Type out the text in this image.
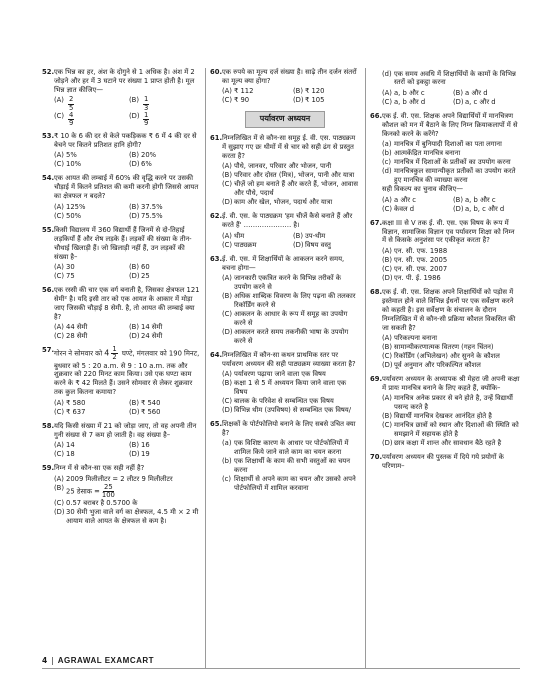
52. एक भिन्न का हर, अंश के दोगुने से 1 अधिक है। अंश में 2 जोड़ने और हर में 3 घटाने पर संख्या 1 प्राप्त होती है। मूल भिन्न ज्ञात कीजिए—
$(A) \frac{2}{5}$	$(B) \frac{1}{3}$
$(C) \frac{4}{9}$	$(D) \frac{1}{9}$
53. ₹ 10 के 6 की दर से केले पकड़िकक ₹ 6 में 4 की दर से बेचने पर कितने प्रतिशत हानि होगी?
(A) 5%	(B) 20%
(C) 10%	(D) 6%
54. एक आयत की लम्बाई में 60% की वृद्धि करने पर उसकी चौड़ाई में कितने प्रतिशत की कमी करनी होगी जिससे आयत का क्षेत्रफल न बदले?
(A) 125%	(B) 37.5%
(C) 50%	(D) 75.5%
55. किसी विद्यालय में 360 विद्यार्थी हैं जिनमें से दो-तिहाई लड़कियाँ हैं और शेष लड़के हैं। लड़कों की संख्या के तीन-चौथाई खिलाड़ी हैं। जो खिलाड़ी नहीं हैं, उन लड़कों की संख्या है–
(A) 30	(B) 60
(C) 75	(D) 25
56. एक रस्सी की चार एक वर्ग बनाती है, जिसका क्षेत्रफल 121 सेमी² है। यदि इसी तार को एक आयत के आकार में मोड़ा जाए जिसकी चौड़ाई 8 सेमी. है, तो आयत की लम्बाई क्या है?
(A) 44 सेमी	(B) 14 सेमी
(C) 28 सेमी	(D) 24 सेमी
57. गोरन ने सोमवार को $4 \frac{1}{2}$ घण्टे, मंगलवार को 190 मिनट, बुधवार को 5 : 20 a.m. से 9 : 10 a.m. तक और शुक्रवार को 220 मिनट काम किया। उसे एक घण्टा काम करने के ₹ 42 मिलते हैं। उसने सोमवार से लेकर शुक्रवार तक कुल कितना कमाया?
(A) ₹ 580	(B) ₹ 540
(C) ₹ 637	(D) ₹ 560
58. यदि किसी संख्या में 21 को जोड़ा जाए, तो वह अपनी तीन गुनी संख्या से 7 कम हो जाती है। वह संख्या है–
(A) 14	(B) 16
(C) 18	(D) 19
59. निम्न में से कौन-सा एक सही नहीं है?
(A) 2009 मिलीलीटर = 2 लीटर 9 मिलीलीटर
(B) 25 डेसाक = $\frac{25}{100}$
(C) 0.57 बराबर है 0.5700 के
(D) 30 सेमी भुजा वाले वर्ग का क्षेत्रफल, 4.5 मी × 2 मी आयाम वाले आयत के क्षेत्रफल से कम है।
60. एक रुपये का मूल्य दर्ज संख्या है। साढ़े तीन दर्जन संतरों का मूल्य क्या होगा?
(A) ₹ 112	(B) ₹ 120
(C) ₹ 90	(D) ₹ 105
पर्यावरण अध्ययन
61. निम्नलिखित में से कौन-सा समूह ई. वी. एस. पाठ्यक्रम में सुझाए गए छः थीमों में से चार को सही ढंग से प्रस्तुत करता है?
(A) पौधे, जानवर, परिवार और भोजन, पानी
(B) परिवार और दोस्त (मित्र), भोजन, पानी और यात्रा
(C) चीज़ें जो हम बनाते हैं और करते हैं, भोजन, आवास और पौधे, पदार्थ
(D) काम और खेल, भोजन, पदार्थ और यात्रा
62. ई. वी. एस. के पाठ्यक्रम 'हम चीजें कैसे बनाते हैं और करते हैं' ………………… है।
(A) थीम	(B) उप-थीम
(C) पाठ्यक्रम	(D) विषय वस्तु
63. ई. वी. एस. में शिक्षार्थियों के आकलन करने समय, बचना होगा—
(A) जानकारी एकत्रित करने के विभिन्न तरीकों के उपयोग करने से
(B) अधिक शाब्दिक विवरण के लिए पढ़ना की तलकार रिकॉर्डिंग करने से
(C) आकलन के आधार के रूप में समूह का उपयोग करने से
(D) आकलन करते समय तकनीकी भाषा के उपयोग करने से
64. निम्नलिखित में कौन-सा कथन प्राथमिक स्तर पर पर्यावरण अध्ययन की सही पाठ्यक्रम व्याख्या करता है?
(A) पर्यावरण पढ़ाया जाने वाला एक विषय
(B) कक्षा 1 से 5 में अध्ययन किया जाने वाला एक विषय
(C) बालक के परिवेश से सम्बन्धित एक विषय
(D) विभिन्न थीम (उपविषय) से सम्बन्धित एक विषय/
65. शिक्षकों के पोर्टफोलियो बनाने के लिए सबसे उचित क्या है?
(a) एक विशिष्ट कारण के आधार पर पोर्टफोलियों में शामिल किये जाने वाले काम का चयन करना
(b) एक शिक्षार्थी के काम की सभी वस्तुओं का चयन करना
(c) शिक्षार्थी से अपने काम का चयन और उसको अपने पोर्टफोलियों में शामिल करवाना
(d) एक समय अवधि में शिक्षार्थियों के कामों के विभिन्न स्तरों को इकट्ठा करना
(A) a, b और c	(B) a और d
(C) a, b और d	(D) a, c और d
66. एक ई. वी. एस. शिक्षक अपने विद्यार्थियों में मानचित्रण कौशल को मन में बैठाने के लिए निम्न क्रियाकलापों में से किनको करने के करेंगे?
(a) मानचित्र में बुनियादी दिशाओं का पता लगाना
(b) आत्मकेंद्रित मानचित्र बनाना
(c) मानचित्र में दिशाओं के प्रतीकों का उपयोग करना
(d) मानचित्रकुल सामान्यीकृत प्रतीकों का उपयोग करते हुए मानचित्र की व्याख्या करना
सही विकल्प का चुनाव कीजिए—
(A) a और c	(B) a, b और c
(C) केवल d	(D) a, b, c और d
67. कक्षा III से V तक ई. वी. एस. एक विषय के रूप में विज्ञान, सामाजिक विज्ञान एव पर्यावरण शिक्षा को निम्न में से किसके अनुशंसा पर एकीकृत करता है?
(A) एन. सी. एफ. 1988
(B) एन. सी. एफ. 2005
(C) एन. सी. एफ. 2007
(D) एन. पी. ई. 1986
68. एक ई. वी. एस. शिक्षक अपने शिक्षार्थियों को पड़ोस में इस्तेमाल होने वाले विभिन्न ईंधनों पर एक सर्वेक्षण करने को कहती है। इस सर्वेक्षण के संचालन के दौरान निम्नलिखित में से कौन-सी प्रक्रिया कौशल विकसित की जा सकती है?
(A) परिकल्पना बनाना
(B) सामान्यीकरणात्मक वितरण (गहन चिंतन)
(C) रिकॉर्डिंग (अभिलेखन) और सुनने के कौशल
(D) पूर्व अनुमान और परिकल्पित कौशल
69. पर्यावरण अध्ययन के अध्यापक श्री मेहरा जी अपनी कक्षा में प्रायः मानचित्र बनाने के लिए कहते हैं, क्योंकि–
(A) मानचित्र अनेक प्रकार से बने होते है, उन्हें विद्यार्थी पसन्द करते है
(B) विद्यार्थी मानचित्र देखकर आनंदित होते है
(C) मानचित्र छात्रों को स्थान और दिशाओं की स्थिति को समझाने में सहायक होते है
(D) छात्र कक्षा में शान्त और सावधान बैठे रहते है
70. पर्यावरण अध्ययन की पुस्तक में दिये गये प्रयोगों के परिणाम–
4 | AGRAWAL EXAMCART
